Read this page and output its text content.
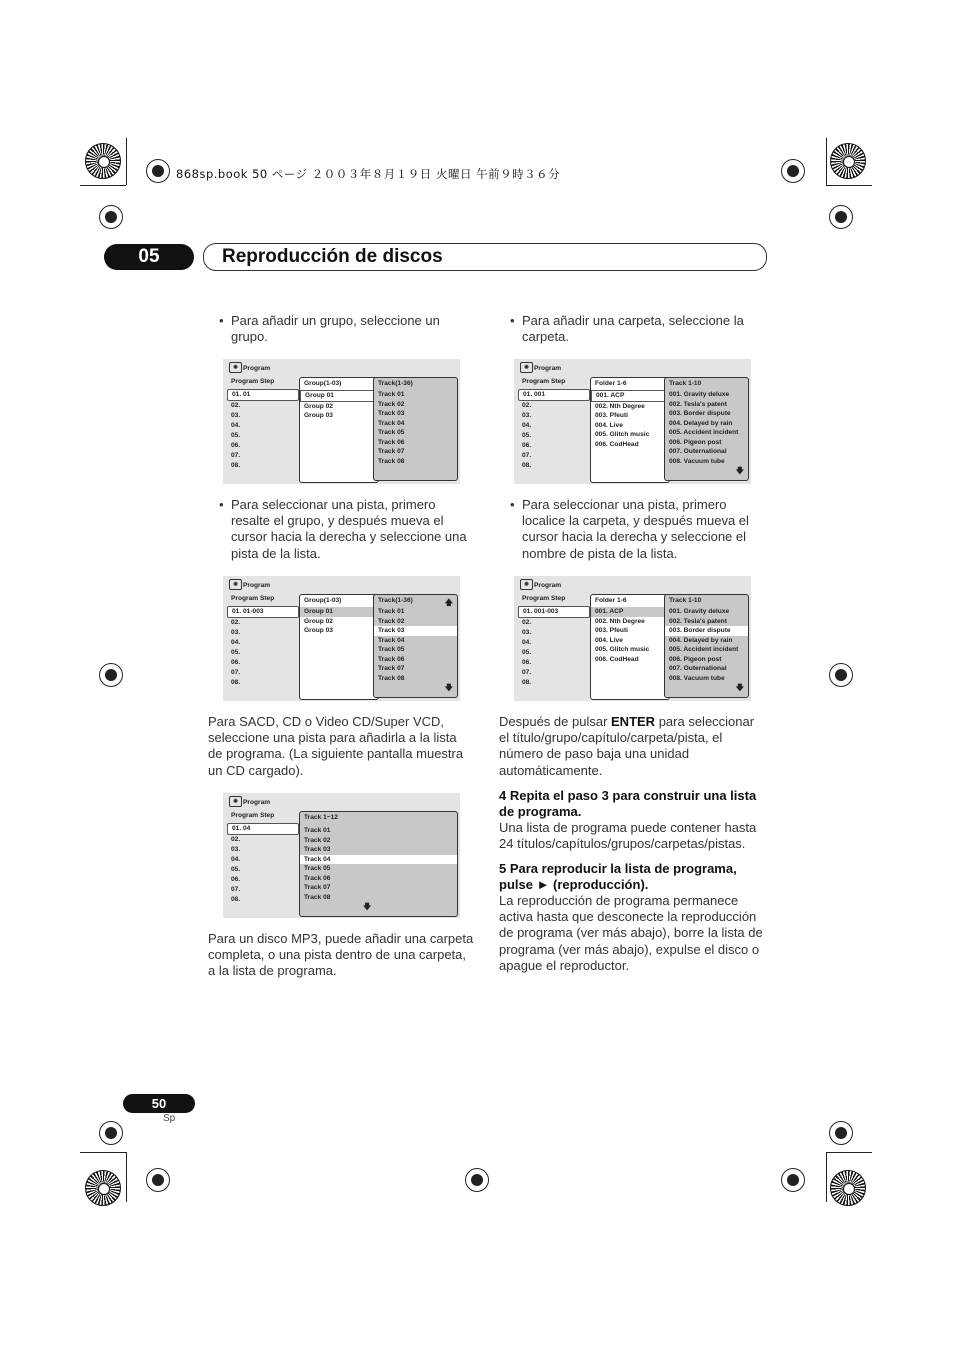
868sp.book 50 ページ ２００３年８月１９日 火曜日 午前９時３６分
05	Reproducción de discos
• Para añadir un grupo, seleccione un grupo.
• Para añadir una carpeta, seleccione la carpeta.
◉ Program
Program Step
01. 01
02.
03.
04.
05.
06.
07.
08.
Group(1-03)
Group 01
Group 02
Group 03
Track(1-36)
Track 01
Track 02
Track 03
Track 04
Track 05
Track 06
Track 07
Track 08
◉ Program
Program Step
01. 001
02.
03.
04.
05.
06.
07.
08.
Folder 1-6
001. ACP
002. Nth Degree
003. Pfeuti
004. Live
005. Glitch music
006. CodHead
Track 1-10
001. Gravity deluxe
002. Tesla's patent
003. Border dispute
004. Delayed by rain
005. Accident incident
006. Pigeon post
007. Outernational
008. Vacuum tube
🡇
• Para seleccionar una pista, primero resalte el grupo, y después mueva el cursor hacia la derecha y seleccione una pista de la lista.
• Para seleccionar una pista, primero localice la carpeta, y después mueva el cursor hacia la derecha y seleccione el nombre de pista de la lista.
◉ Program
Program Step
01. 01-003
02.
03.
04.
05.
06.
07.
08.
Group(1-03)
Group 01
Group 02
Group 03
Track(1-36)	🡅
Track 01
Track 02
Track 03
Track 04
Track 05
Track 06
Track 07
Track 08
🡇
◉ Program
Program Step
01. 001-003
02.
03.
04.
05.
06.
07.
08.
Folder 1-6
001. ACP
002. Nth Degree
003. Pfeuti
004. Live
005. Glitch music
006. CodHead
Track 1-10
001. Gravity deluxe
002. Tesla's patent
003. Border dispute
004. Delayed by rain
005. Accident incident
006. Pigeon post
007. Outernational
008. Vacuum tube
🡇
Para SACD, CD o Video CD/Super VCD, seleccione una pista para añadirla a la lista de programa. (La siguiente pantalla muestra un CD cargado).
Después de pulsar ENTER para seleccionar el título/grupo/capítulo/carpeta/pista, el número de paso baja una unidad automáticamente.
◉ Program
Program Step
01. 04
02.
03.
04.
05.
06.
07.
08.
Track 1~12
Track 01
Track 02
Track 03
Track 04
Track 05
Track 06
Track 07
Track 08
🡇
4 Repita el paso 3 para construir una lista de programa.
Una lista de programa puede contener hasta 24 títulos/capítulos/grupos/carpetas/pistas.
5 Para reproducir la lista de programa, pulse ► (reproducción).
La reproducción de programa permanece activa hasta que desconecte la reproducción de programa (ver más abajo), borre la lista de programa (ver más abajo), expulse el disco o apague el reproductor.
Para un disco MP3, puede añadir una carpeta completa, o una pista dentro de una carpeta, a la lista de programa.
50
Sp
